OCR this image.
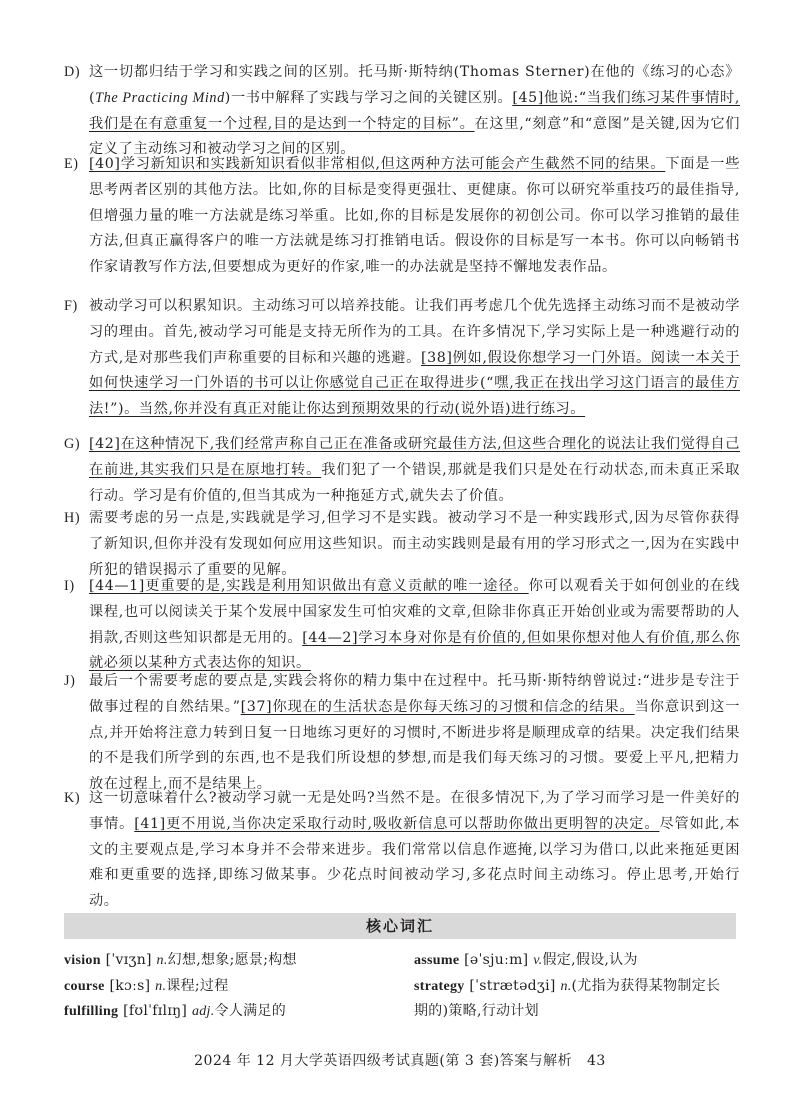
D) 这一切都归结于学习和实践之间的区别。托马斯·斯特纳(Thomas Sterner)在他的《练习的心态》(The Practicing Mind)一书中解释了实践与学习之间的关键区别。[45]他说:“当我们练习某件事情时,我们是在有意重复一个过程,目的是达到一个特定的目标”。在这里,“刻意”和“意图”是关键,因为它们定义了主动练习和被动学习之间的区别。
E) [40]学习新知识和实践新知识看似非常相似,但这两种方法可能会产生截然不同的结果。下面是一些思考两者区别的其他方法。比如,你的目标是变得更强壮、更健康。你可以研究举重技巧的最佳指导,但增强力量的唯一方法就是练习举重。比如,你的目标是发展你的初创公司。你可以学习推销的最佳方法,但真正赢得客户的唯一方法就是练习打推销电话。假设你的目标是写一本书。你可以向畅销书作家请教写作方法,但要想成为更好的作家,唯一的办法就是坚持不懈地发表作品。
F) 被动学习可以积累知识。主动练习可以培养技能。让我们再考虑几个优先选择主动练习而不是被动学习的理由。首先,被动学习可能是支持无所作为的工具。在许多情况下,学习实际上是一种逃避行动的方式,是对那些我们声称重要的目标和兴趣的逃避。[38]例如,假设你想学习一门外语。阅读一本关于如何快速学习一门外语的书可以让你感觉自己正在取得进步(“嘿,我正在找出学习这门语言的最佳方法!”)。当然,你并没有真正对能让你达到预期效果的行动(说外语)进行练习。
G) [42]在这种情况下,我们经常声称自己正在准备或研究最佳方法,但这些合理化的说法让我们觉得自己在前进,其实我们只是在原地打转。我们犯了一个错误,那就是我们只是处在行动状态,而未真正采取行动。学习是有价值的,但当其成为一种拖延方式,就失去了价值。
H) 需要考虑的另一点是,实践就是学习,但学习不是实践。被动学习不是一种实践形式,因为尽管你获得了新知识,但你并没有发现如何应用这些知识。而主动实践则是最有用的学习形式之一,因为在实践中所犯的错误揭示了重要的见解。
I)	[44—1]更重要的是,实践是利用知识做出有意义贡献的唯一途径。你可以观看关于如何创业的在线课程,也可以阅读关于某个发展中国家发生可怕灾难的文章,但除非你真正开始创业或为需要帮助的人捐款,否则这些知识都是无用的。[44—2]学习本身对你是有价值的,但如果你想对他人有价值,那么你就必须以某种方式表达你的知识。
J) 最后一个需要考虑的要点是,实践会将你的精力集中在过程中。托马斯·斯特纳曾说过:“进步是专注于做事过程的自然结果。”[37]你现在的生活状态是你每天练习的习惯和信念的结果。当你意识到这一点,并开始将注意力转到日复一日地练习更好的习惯时,不断进步将是顺理成章的结果。决定我们结果的不是我们所学到的东西,也不是我们所设想的梦想,而是我们每天练习的习惯。要爱上平凡,把精力放在过程上,而不是结果上。
K) 这一切意味着什么?被动学习就一无是处吗?当然不是。在很多情况下,为了学习而学习是一件美好的事情。[41]更不用说,当你决定采取行动时,吸收新信息可以帮助你做出更明智的决定。尽管如此,本文的主要观点是,学习本身并不会带来进步。我们常常以信息作遮掩,以学习为借口,以此来拖延更困难和更重要的选择,即练习做某事。少花点时间被动学习,多花点时间主动练习。停止思考,开始行动。
核心词汇
vision [ˈvɪʒn] n.幻想,想象;愿景;构想
course [kɔːs] n.课程;过程
fulfilling [fʊlˈfɪlɪŋ] adj.令人满足的
assume [əˈsjuːm] v.假定,假设,认为
strategy [ˈstrætədʒi] n.(尤指为获得某物制定长
期的)策略,行动计划
2024 年 12 月大学英语四级考试真题(第 3 套)答案与解析   43
